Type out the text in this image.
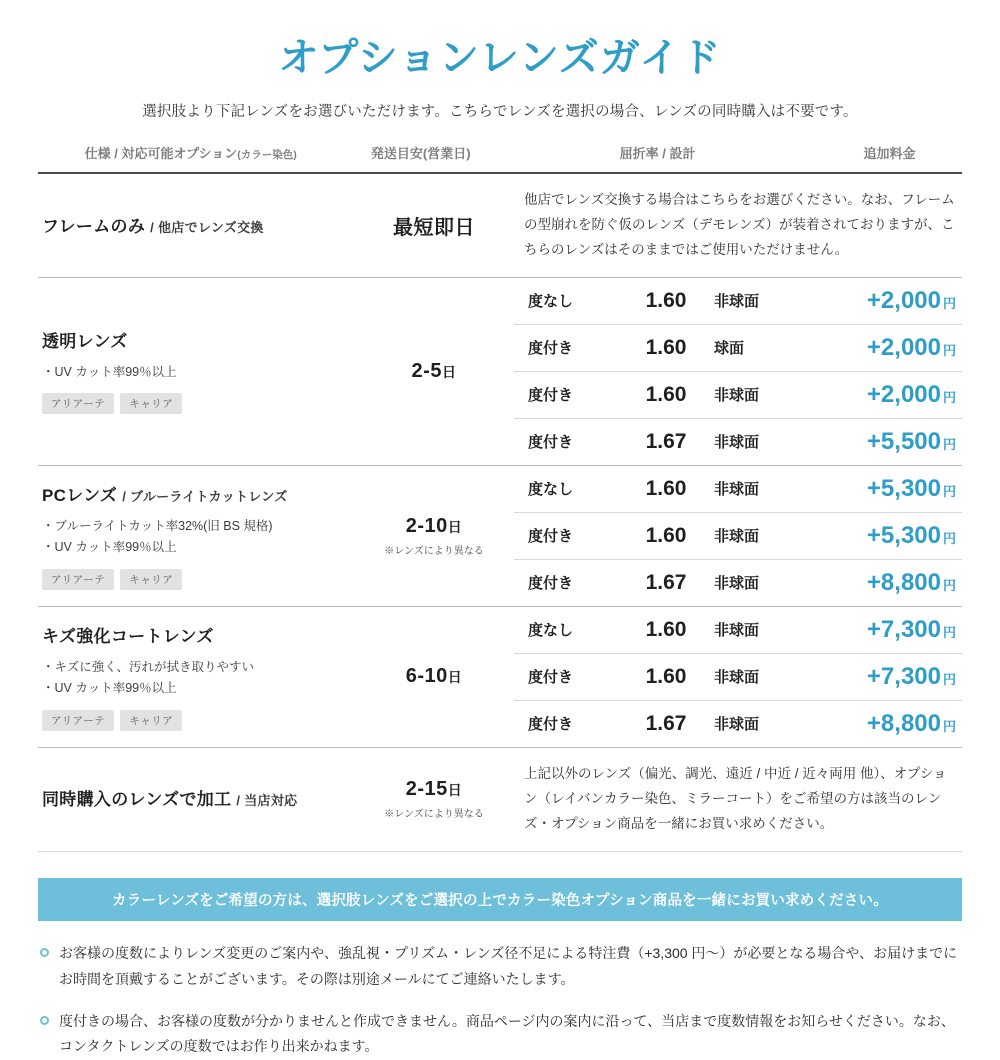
オプションレンズガイド
選択肢より下記レンズをお選びいただけます。こちらでレンズを選択の場合、レンズの同時購入は不要です。
仕様 / 対応可能オプション(カラー染色)	発送目安(営業日)	屈折率 / 設計	追加料金
フレームのみ / 他店でレンズ交換	最短即日
他店でレンズ交換する場合はこちらをお選びください。なお、フレームの型崩れを防ぐ仮のレンズ（デモレンズ）が装着されておりますが、こちらのレンズはそのままではご使用いただけません。
透明レンズ
・UV カット率99％以上
アリアーテ	キャリア
2-5日
度なし	1.60	非球面	+2,000 円
度付き	1.60	球面	+2,000 円
度付き	1.60	非球面	+2,000 円
度付き	1.67	非球面	+5,500 円
PCレンズ / ブルーライトカットレンズ
・ブルーライトカット率32%(旧 BS 規格)
・UV カット率99％以上
アリアーテ	キャリア
2-10日
※レンズにより異なる
度なし	1.60	非球面	+5,300 円
度付き	1.60	非球面	+5,300 円
度付き	1.67	非球面	+8,800 円
キズ強化コートレンズ
・キズに強く、汚れが拭き取りやすい
・UV カット率99％以上
アリアーテ	キャリア
6-10日
度なし	1.60	非球面	+7,300 円
度付き	1.60	非球面	+7,300 円
度付き	1.67	非球面	+8,800 円
同時購入のレンズで加工 / 当店対応
2-15日
※レンズにより異なる
上記以外のレンズ（偏光、調光、遠近 / 中近 / 近々両用 他）、オプション（レイバンカラー染色、ミラーコート）をご希望の方は該当のレンズ・オプション商品を一緒にお買い求めください。
カラーレンズをご希望の方は、選択肢レンズをご選択の上でカラー染色オプション商品を一緒にお買い求めください。
お客様の度数によりレンズ変更のご案内や、強乱視・プリズム・レンズ径不足による特注費（+3,300 円～）が必要となる場合や、お届けまでにお時間を頂戴することがございます。その際は別途メールにてご連絡いたします。
度付きの場合、お客様の度数が分かりませんと作成できません。商品ページ内の案内に沿って、当店まで度数情報をお知らせください。なお、コンタクトレンズの度数ではお作り出来かねます。
